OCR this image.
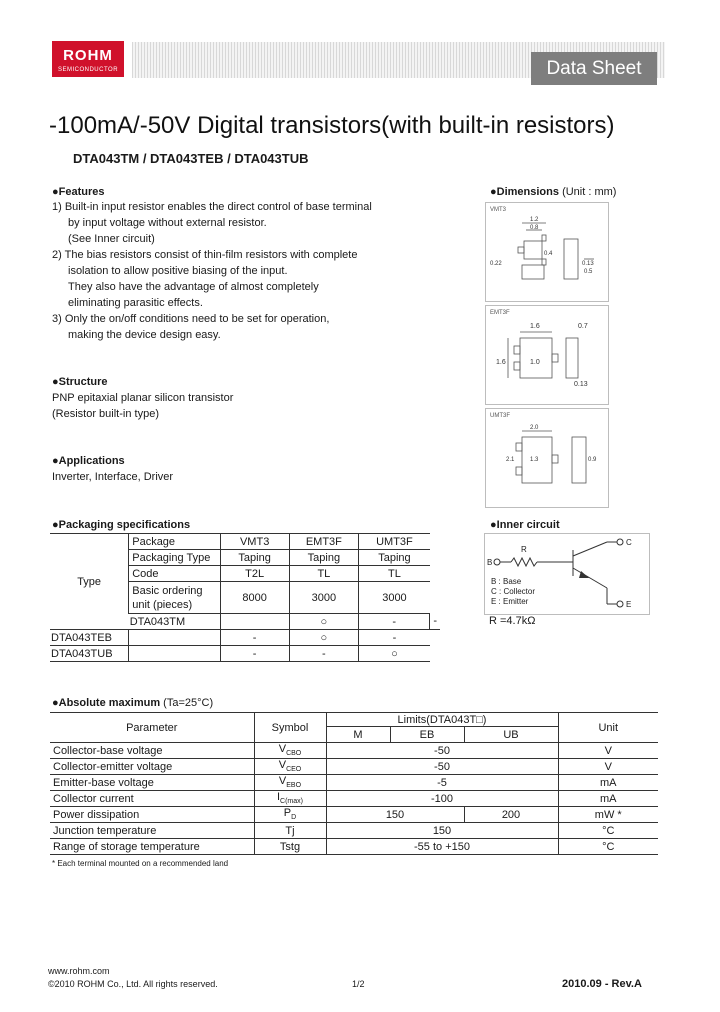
ROHM
SEMICONDUCTOR	Data Sheet
-100mA/-50V Digital transistors(with built-in resistors)
DTA043TM / DTA043TEB / DTA043TUB
●Features
1) Built-in input resistor enables the direct control of base terminal
by input voltage without external resistor.
(See Inner circuit)
2) The bias resistors consist of thin-film resistors with complete
isolation to allow positive biasing of the input.
They also have the advantage of almost completely
eliminating parasitic effects.
3) Only the on/off conditions need to be set for operation,
making the device design easy.
●Structure
PNP epitaxial planar silicon transistor
(Resistor built-in type)
●Applications
Inverter, Interface, Driver
●Dimensions (Unit : mm)
VMT3
1.2
0.8
0.22
0.4
0.13
0.5
EMT3F
1.6	0.7
1.0
1.6
0.13
UMT3F
2.0
1.3
2.1	0.9
●Packaging specifications
Type	Package	VMT3	EMT3F	UMT3F	
	Packaging Type	Taping	Taping	Taping	
	Code	T2L	TL	TL	

	Basic ordering
unit (pieces)	8000	3000	3000	
	DTA043TM		○	-	-
DTA043TEB		-	○	-	
DTA043TUB		-	-	○	
●Inner circuit
B
C
E
R
B : Base
C : Collector
E : Emitter
R =4.7kΩ
●Absolute maximum (Ta=25°C)
Parameter	Symbol	Limits(DTA043T□)			Unit
		M	EB	UB	
Collector-base voltage	$V_{CBO}$	-50			V
Collector-emitter voltage	$V_{CEO}$	-50			V
Emitter-base voltage	$V_{EBO}$	-5			mA
Collector current	$I_{C(max)}$	-100			mA
Power dissipation	$P_D$	150		200	mW *
Junction temperature	Tj	150			°C
Range of storage temperature	Tstg	-55 to +150			°C
* Each terminal mounted on a recommended land
www.rohm.com
©2010 ROHM Co., Ltd. All rights reserved.	1/2	2010.09 - Rev.A
